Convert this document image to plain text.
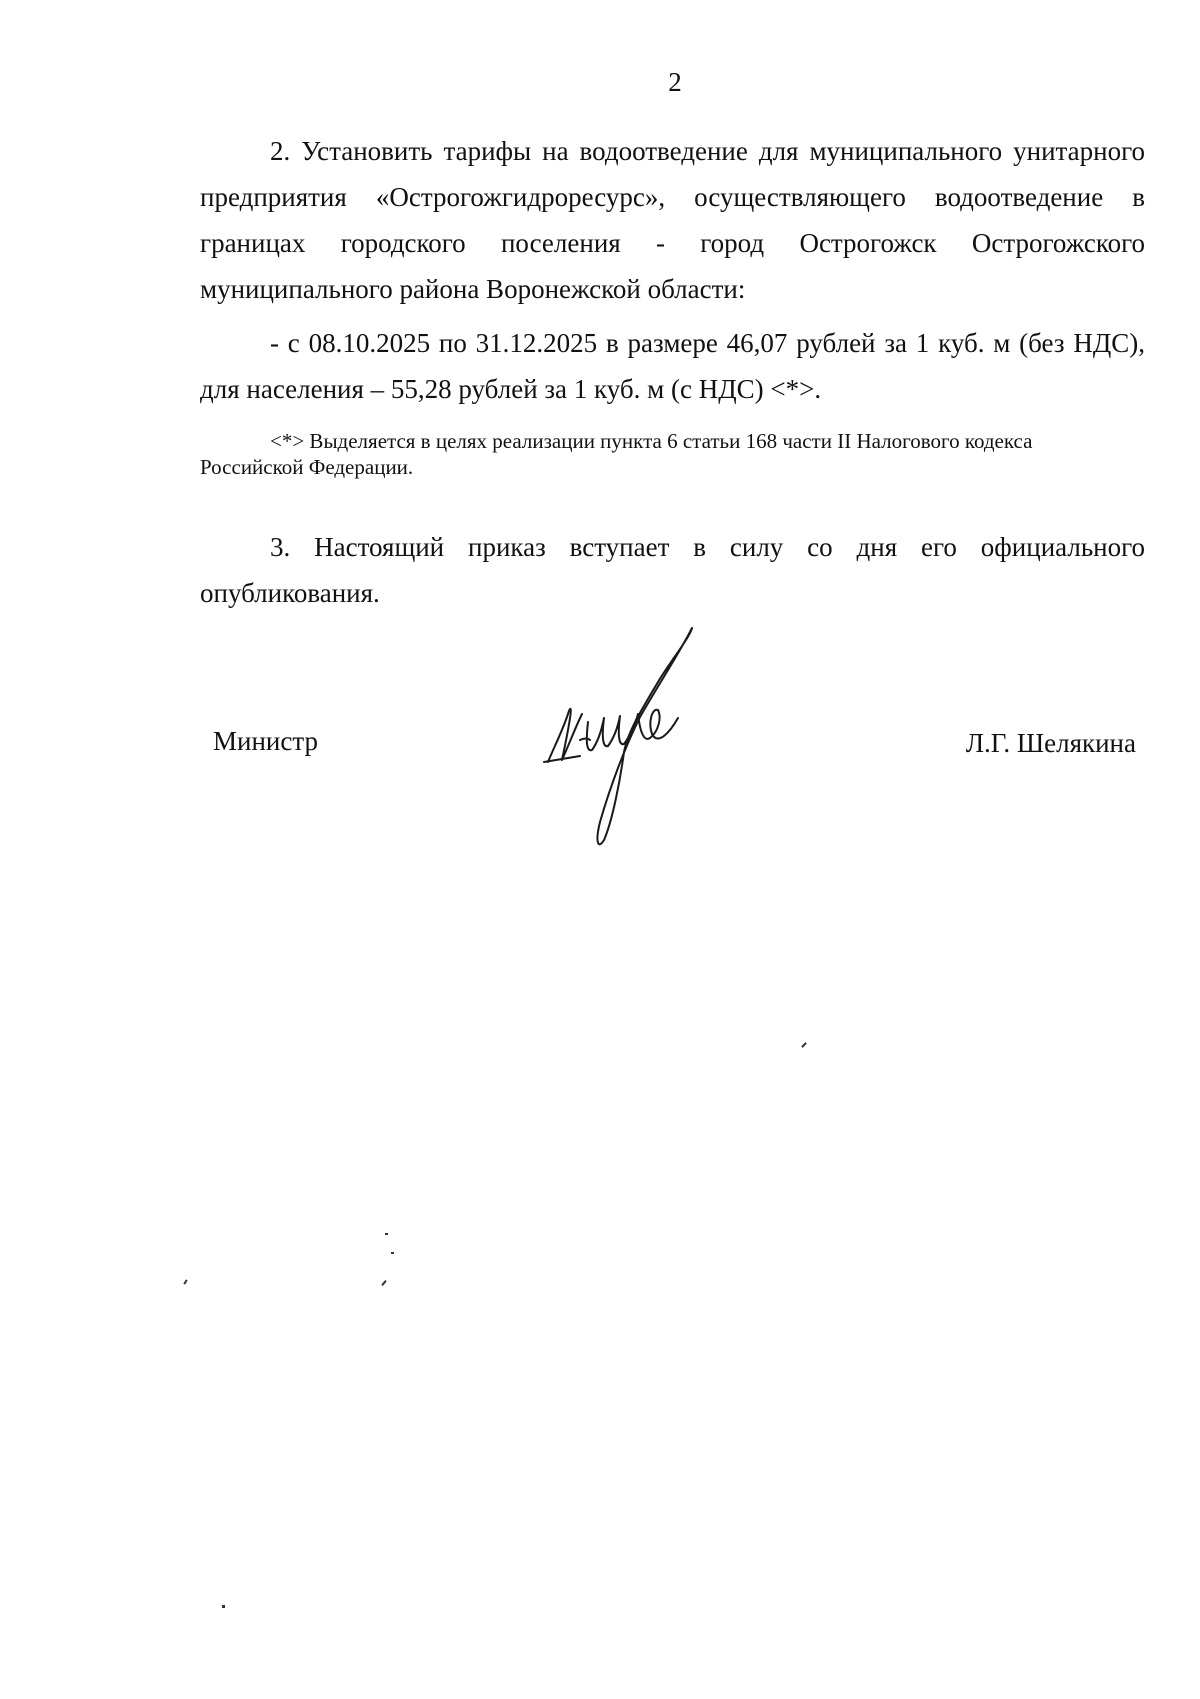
2
2. Установить тарифы на водоотведение для муниципального унитарного предприятия «Острогожгидроресурс», осуществляющего водоотведение в границах городского поселения - город Острогожск Острогожского муниципального района Воронежской области:
- с 08.10.2025 по 31.12.2025 в размере 46,07 рублей за 1 куб. м (без НДС), для населения – 55,28 рублей за 1 куб. м (с НДС) <*>.
<*> Выделяется в целях реализации пункта 6 статьи 168 части II Налогового кодекса Российской Федерации.
3. Настоящий приказ вступает в силу со дня его официального опубликования.
Министр	Л.Г. Шелякина
